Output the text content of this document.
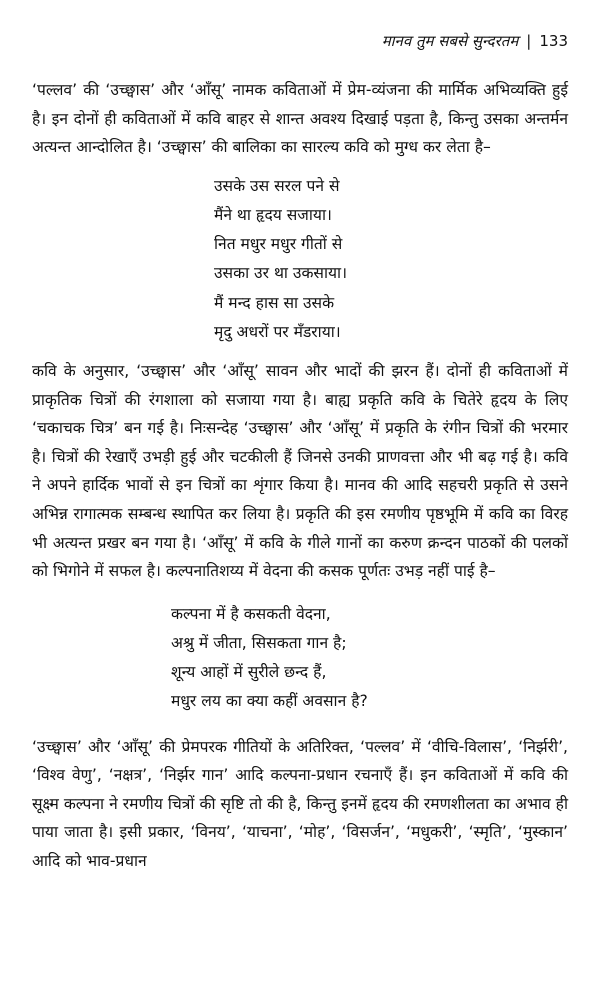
मानव तुम सबसे सुन्दरतम | 133

‘पल्लव’ की ‘उच्छ्वास’ और ‘आँसू’ नामक कविताओं में प्रेम-व्यंजना की मार्मिक अभिव्यक्ति हुई है। इन दोनों ही कविताओं में कवि बाहर से शान्त अवश्य दिखाई पड़ता है, किन्तु उसका अन्तर्मन अत्यन्त आन्दोलित है। ‘उच्छ्वास’ की बालिका का सारल्य कवि को मुग्ध कर लेता है–

उसके उस सरल पने से
मैंने था हृदय सजाया।
नित मधुर मधुर गीतों से
उसका उर था उकसाया।
मैं मन्द हास सा उसके
मृदु अधरों पर मँडराया।

कवि के अनुसार, ‘उच्छ्वास’ और ‘आँसू’ सावन और भादों की झरन हैं। दोनों ही कविताओं में प्राकृतिक चित्रों की रंगशाला को सजाया गया है। बाह्य प्रकृति कवि के चितेरे हृदय के लिए ‘चकाचक चित्र’ बन गई है। निःसन्देह ‘उच्छ्वास’ और ‘आँसू’ में प्रकृति के रंगीन चित्रों की भरमार है। चित्रों की रेखाएँ उभड़ी हुई और चटकीली हैं जिनसे उनकी प्राणवत्ता और भी बढ़ गई है। कवि ने अपने हार्दिक भावों से इन चित्रों का शृंगार किया है। मानव की आदि सहचरी प्रकृति से उसने अभिन्न रागात्मक सम्बन्ध स्थापित कर लिया है। प्रकृति की इस रमणीय पृष्ठभूमि में कवि का विरह भी अत्यन्त प्रखर बन गया है। ‘आँसू’ में कवि के गीले गानों का करुण क्रन्दन पाठकों की पलकों को भिगोने में सफल है। कल्पनातिशय्य में वेदना की कसक पूर्णतः उभड़ नहीं पाई है–

कल्पना में है कसकती वेदना,
अश्रु में जीता, सिसकता गान है;
शून्य आहों में सुरीले छन्द हैं,
मधुर लय का क्या कहीं अवसान है?

‘उच्छ्वास’ और ‘आँसू’ की प्रेमपरक गीतियों के अतिरिक्त, ‘पल्लव’ में ‘वीचि-विलास’, ‘निर्झरी’, ‘विश्व वेणु’, ‘नक्षत्र’, ‘निर्झर गान’ आदि कल्पना-प्रधान रचनाएँ हैं। इन कविताओं में कवि की सूक्ष्म कल्पना ने रमणीय चित्रों की सृष्टि तो की है, किन्तु इनमें हृदय की रमणशीलता का अभाव ही पाया जाता है। इसी प्रकार, ‘विनय’, ‘याचना’, ‘मोह’, ‘विसर्जन’, ‘मधुकरी’, ‘स्मृति’, ‘मुस्कान’ आदि को भाव-प्रधान
